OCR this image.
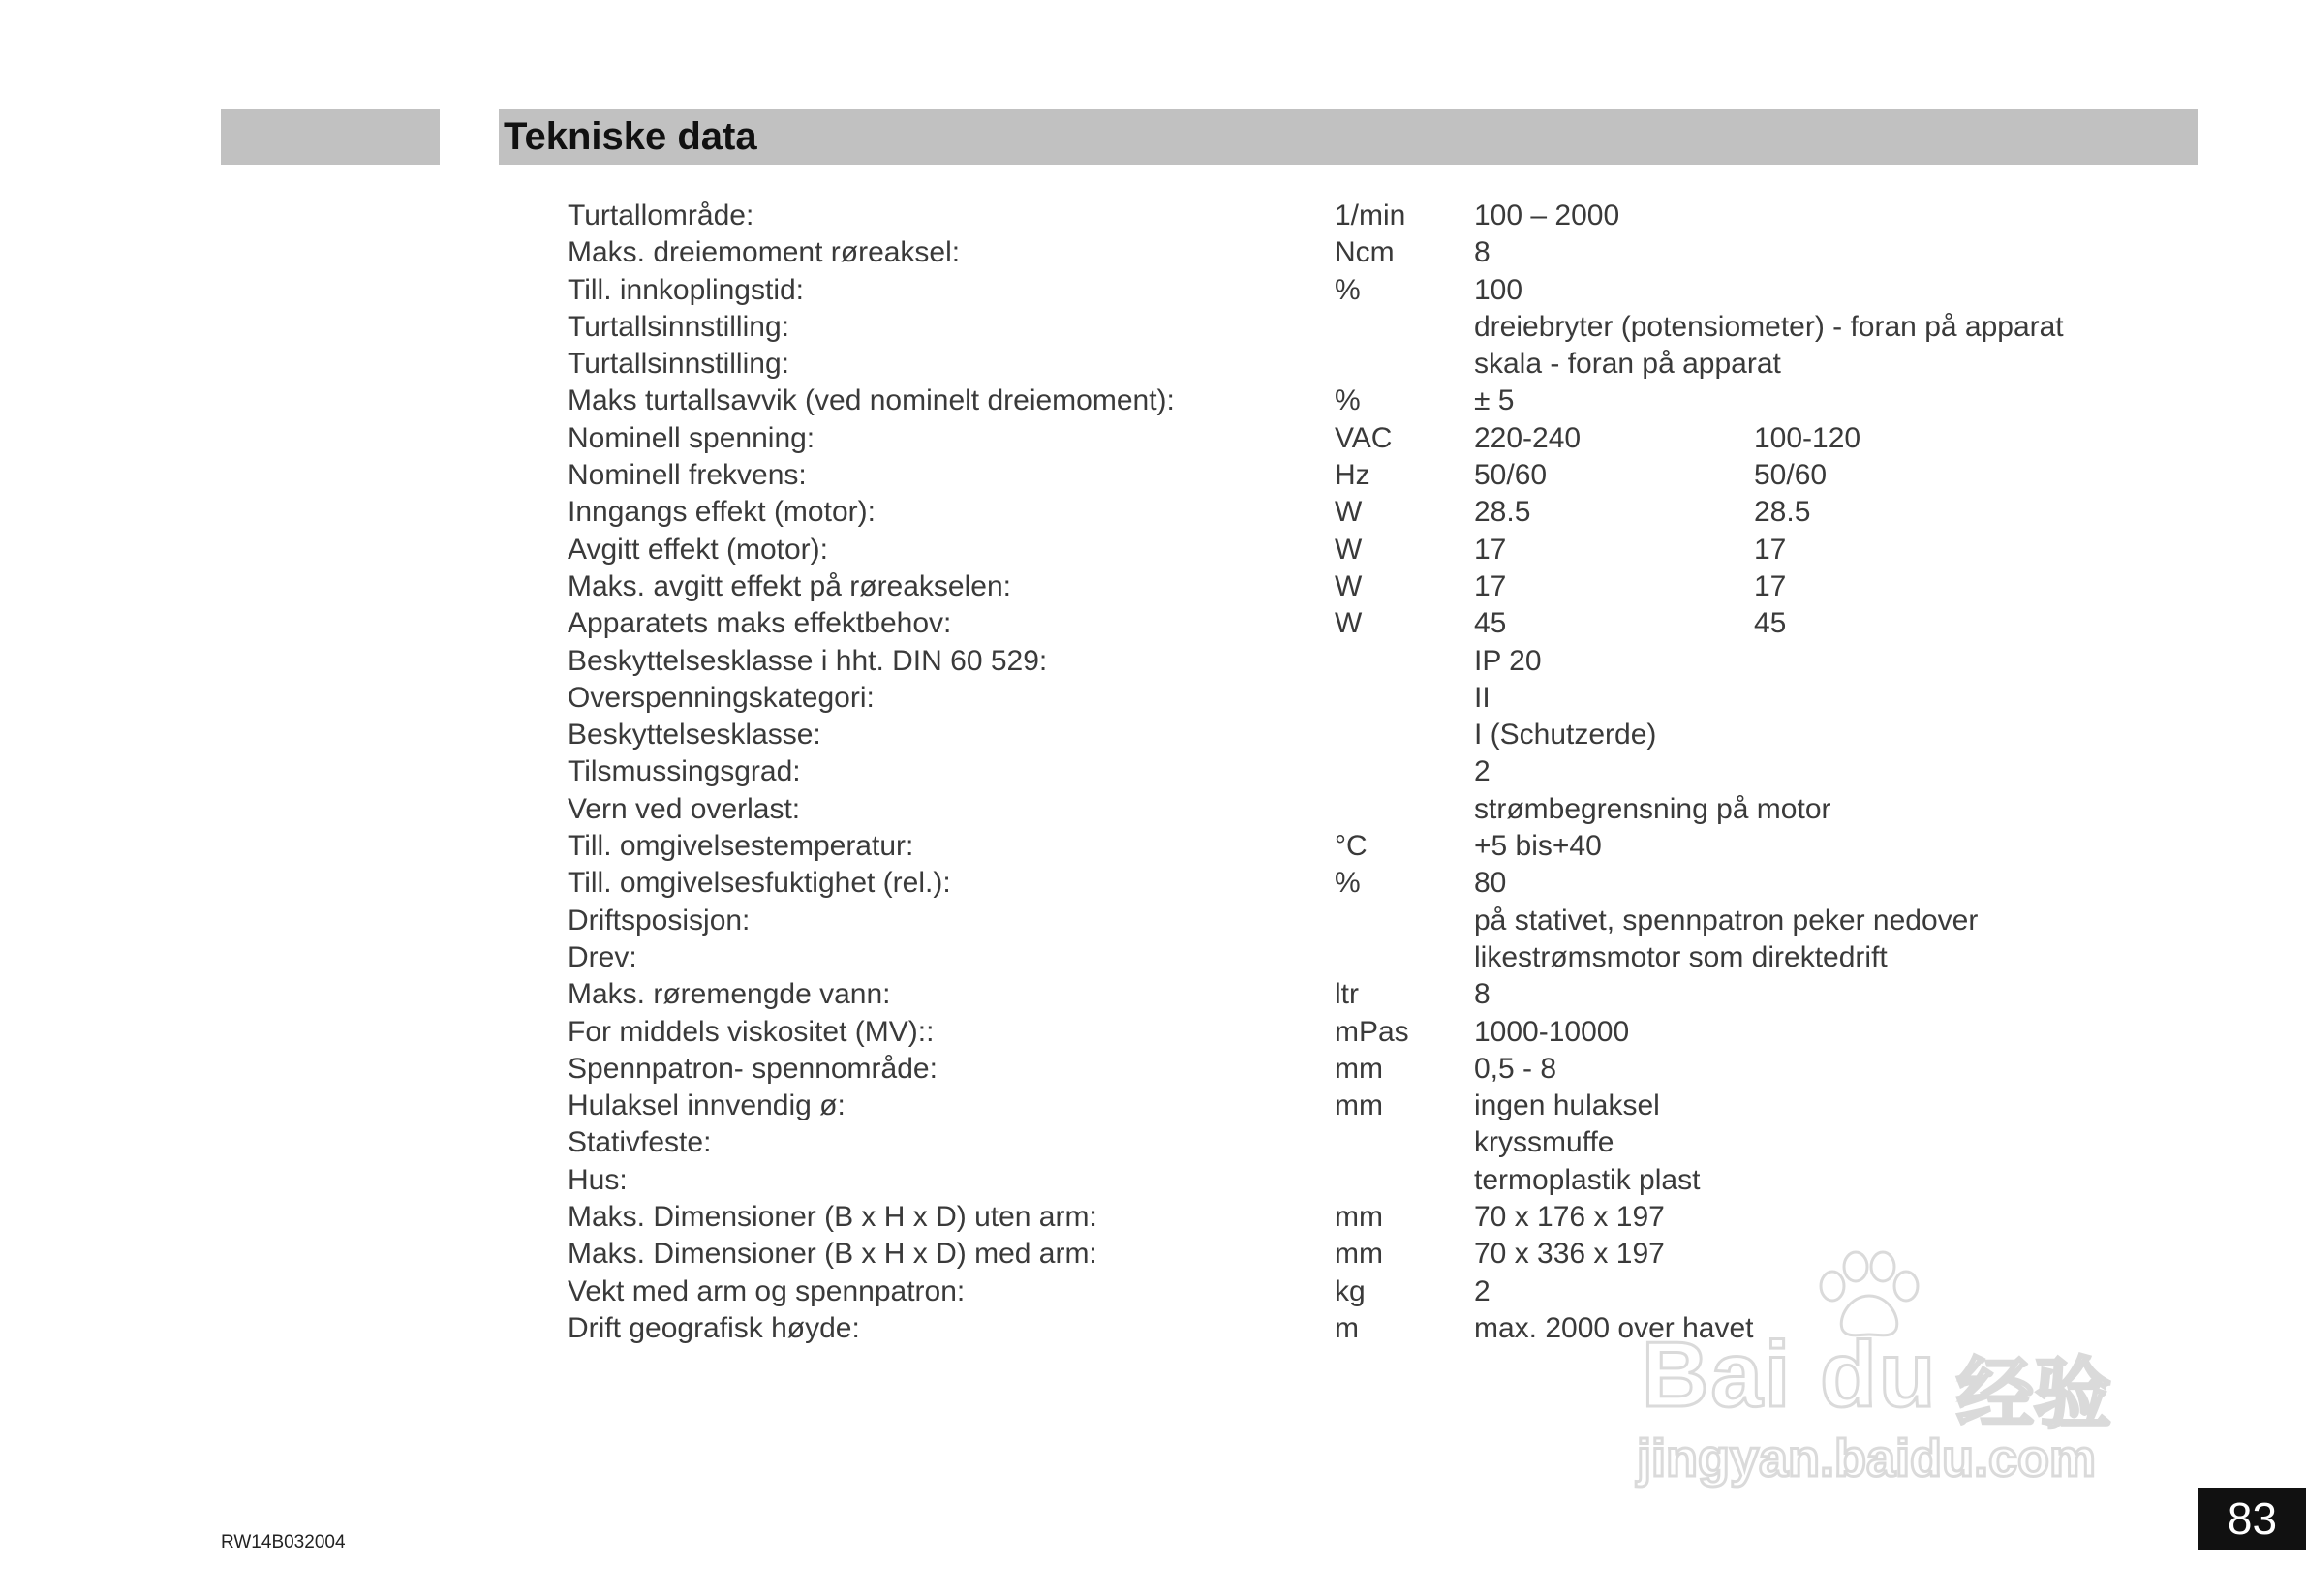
Tekniske data
Turtallområde:	1/min 100 – 2000
Maks. dreiemoment røreaksel:	Ncm	8
Till. innkoplingstid:	%	100
Turtallsinnstilling:	dreiebryter (potensiometer) - foran på apparat
Turtallsinnstilling:	skala - foran på apparat
Maks turtallsavvik (ved nominelt dreiemoment):	%	± 5
Nominell spenning:	VAC	220-240	100-120
Nominell frekvens:	Hz	50/60	50/60
Inngangs effekt (motor):	W	28.5	28.5
Avgitt effekt (motor):	W	17	17
Maks. avgitt effekt på røreakselen:	W	17	17
Apparatets maks effektbehov:	W	45	45
Beskyttelsesklasse i hht. DIN 60 529:	IP 20
Overspenningskategori:	II
Beskyttelsesklasse:	I (Schutzerde)
Tilsmussingsgrad:	2
Vern ved overlast:	strømbegrensning på motor
Till. omgivelsestemperatur:	°C	+5 bis+40
Till. omgivelsesfuktighet (rel.):	%	80
Driftsposisjon:	på stativet, spennpatron peker nedover
Drev:	likestrømsmotor som direktedrift
Maks. røremengde vann:	ltr	8
For middels viskositet (MV)::	mPas 1000-10000
Spennpatron- spennområde:	mm	0,5 - 8
Hulaksel innvendig ø:	mm	ingen hulaksel
Stativfeste:	kryssmuffe
Hus:	termoplastik plast
Maks. Dimensioner (B x H x D) uten arm:	mm	70 x 176 x 197
Maks. Dimensioner (B x H x D) med arm:	mm	70 x 336 x 197
Vekt med arm og spennpatron:	kg	2
Drift geografisk høyde:	m	max. 2000 over havet
RW14B032004	83
Bai du 经验
jingyan.baidu.com
